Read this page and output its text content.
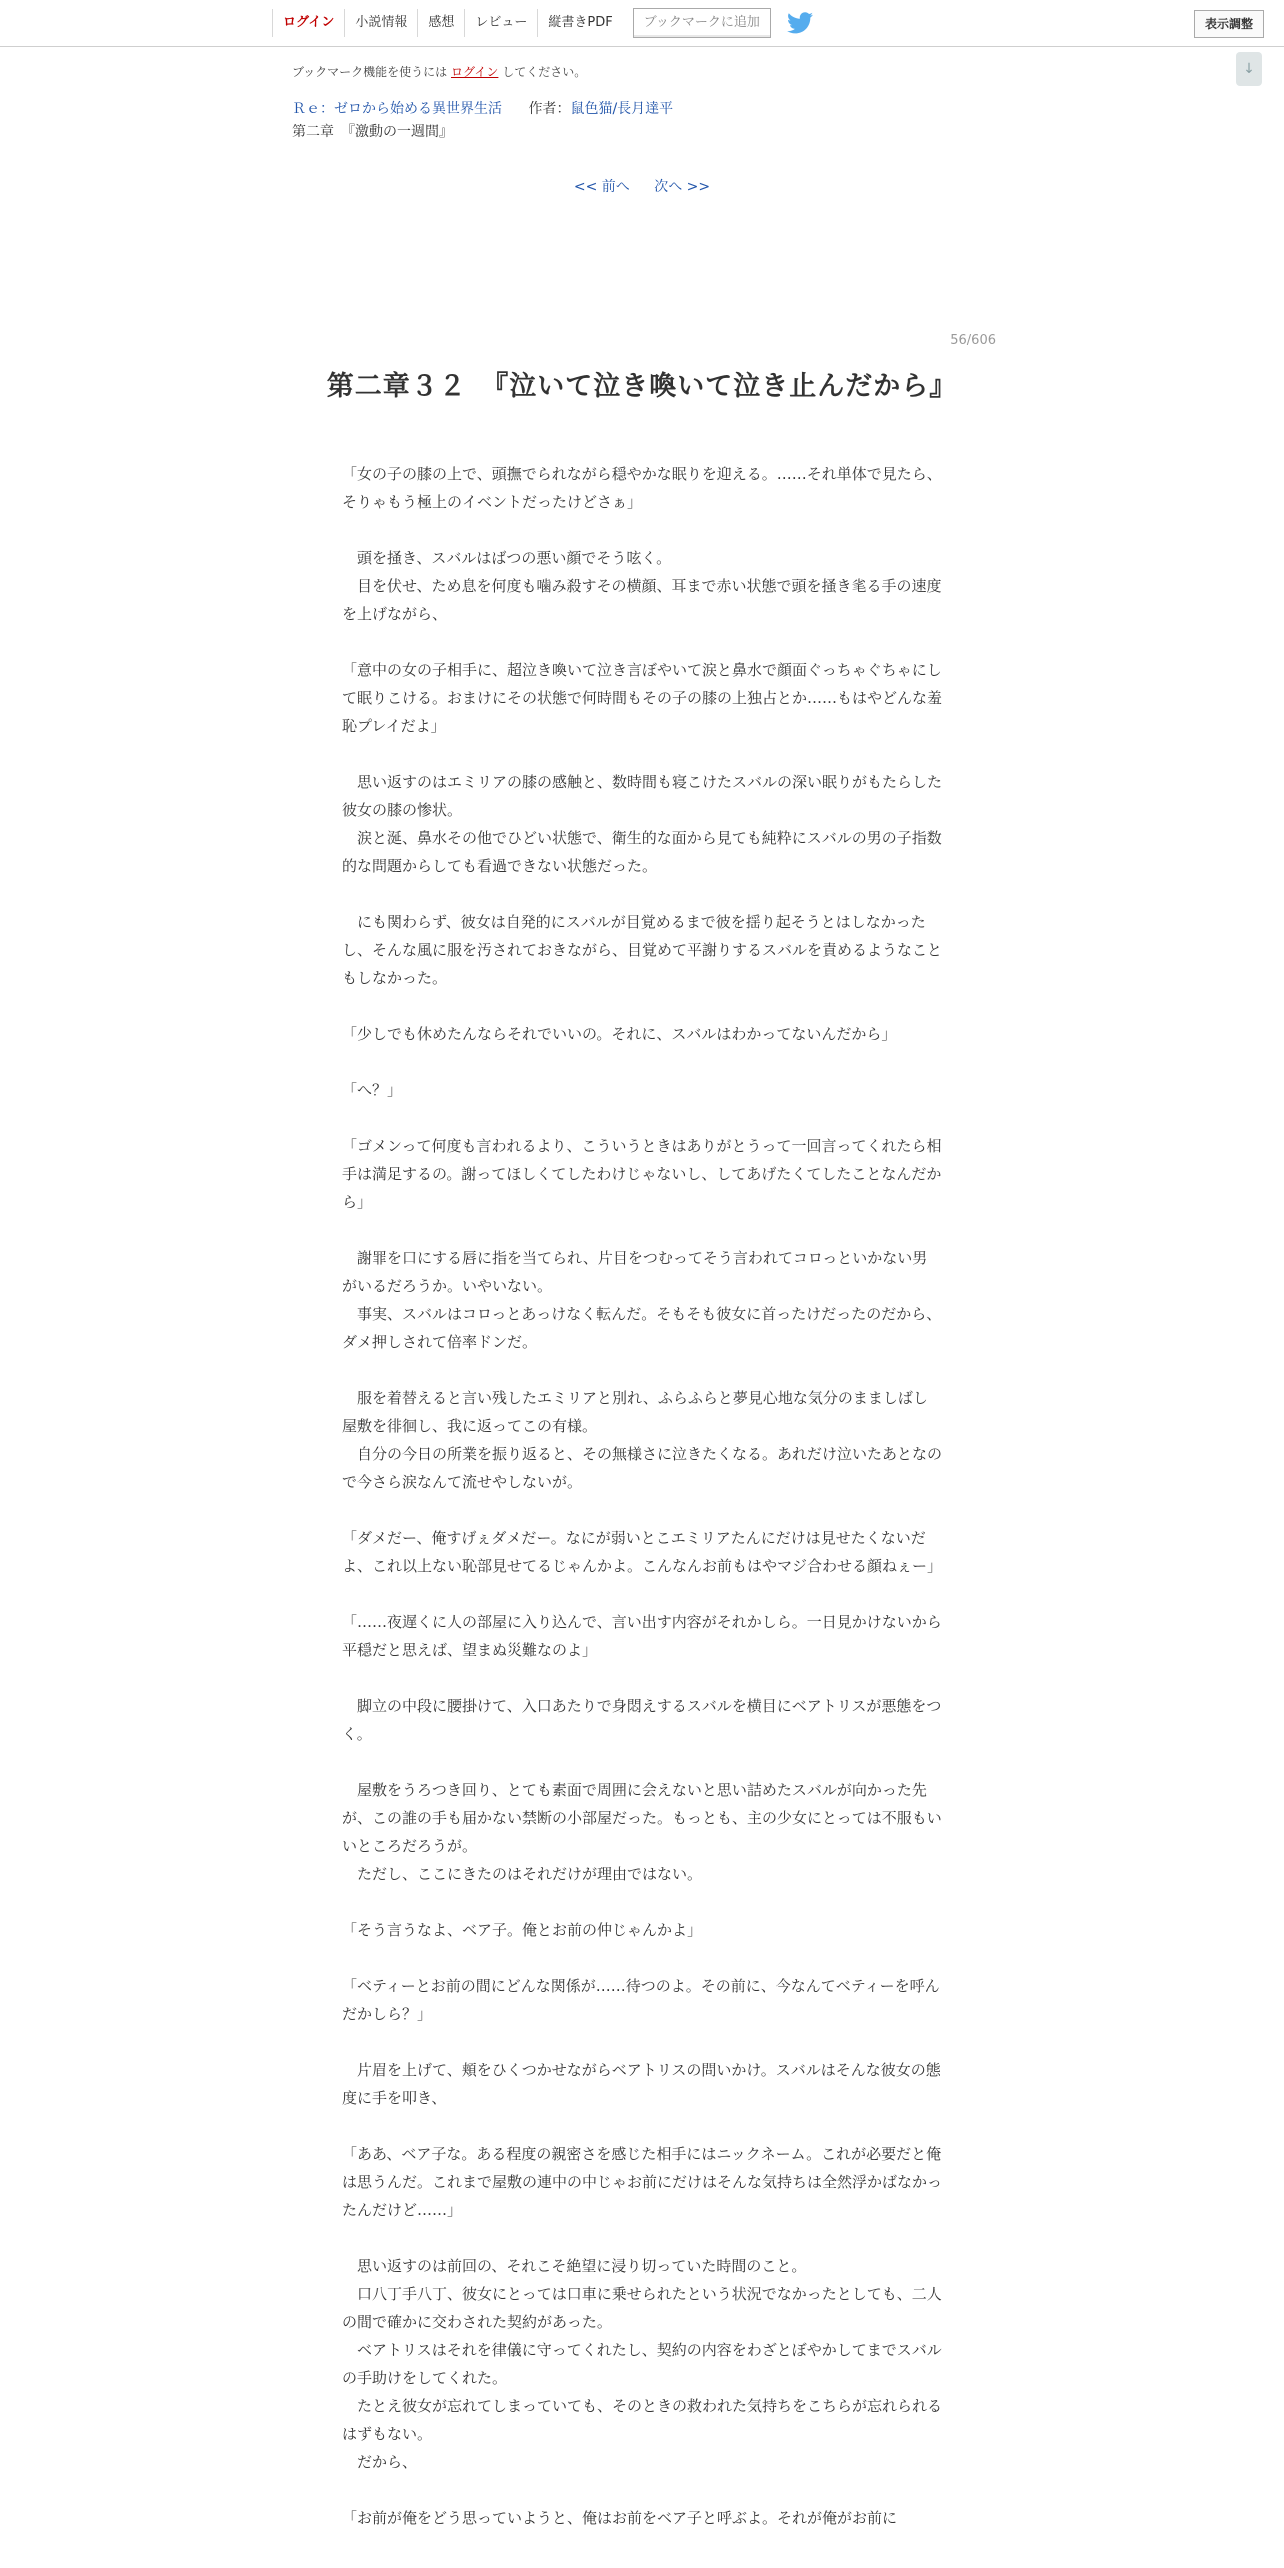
ログイン	小説情報	感想	レビュー	縦書きPDF	ブックマークに追加	表示調整
↓
ブックマーク機能を使うには ログイン してください。
Ｒｅ：ゼロから始める異世界生活 作者：鼠色猫/長月達平
第二章　『激動の一週間』
<< 前へ 次へ >>
56/606
第二章３２　『泣いて泣き喚いて泣き止んだから』

「女の子の膝の上で、頭撫でられながら穏やかな眠りを迎える。……それ単体で見たら、そりゃもう極上のイベントだったけどさぁ」

　頭を掻き、スバルはばつの悪い顔でそう呟く。

　目を伏せ、ため息を何度も噛み殺すその横顔、耳まで赤い状態で頭を掻き毟る手の速度を上げながら、

「意中の女の子相手に、超泣き喚いて泣き言ぼやいて涙と鼻水で顔面ぐっちゃぐちゃにして眠りこける。おまけにその状態で何時間もその子の膝の上独占とか……もはやどんな羞恥プレイだよ」

　思い返すのはエミリアの膝の感触と、数時間も寝こけたスバルの深い眠りがもたらした彼女の膝の惨状。

　涙と涎、鼻水その他でひどい状態で、衛生的な面から見ても純粋にスバルの男の子指数的な問題からしても看過できない状態だった。

　にも関わらず、彼女は自発的にスバルが目覚めるまで彼を揺り起そうとはしなかったし、そんな風に服を汚されておきながら、目覚めて平謝りするスバルを責めるようなこともしなかった。

「少しでも休めたんならそれでいいの。それに、スバルはわかってないんだから」

「へ？」

「ゴメンって何度も言われるより、こういうときはありがとうって一回言ってくれたら相手は満足するの。謝ってほしくてしたわけじゃないし、してあげたくてしたことなんだから」

　謝罪を口にする唇に指を当てられ、片目をつむってそう言われてコロっといかない男がいるだろうか。いやいない。

　事実、スバルはコロっとあっけなく転んだ。そもそも彼女に首ったけだったのだから、ダメ押しされて倍率ドンだ。

　服を着替えると言い残したエミリアと別れ、ふらふらと夢見心地な気分のまましばし屋敷を徘徊し、我に返ってこの有様。

　自分の今日の所業を振り返ると、その無様さに泣きたくなる。あれだけ泣いたあとなので今さら涙なんて流せやしないが。

「ダメだー、俺すげぇダメだー。なにが弱いとこエミリアたんにだけは見せたくないだよ、これ以上ない恥部見せてるじゃんかよ。こんなんお前もはやマジ合わせる顔ねぇー」

「……夜遅くに人の部屋に入り込んで、言い出す内容がそれかしら。一日見かけないから平穏だと思えば、望まぬ災難なのよ」

　脚立の中段に腰掛けて、入口あたりで身悶えするスバルを横目にベアトリスが悪態をつく。

　屋敷をうろつき回り、とても素面で周囲に会えないと思い詰めたスバルが向かった先が、この誰の手も届かない禁断の小部屋だった。もっとも、主の少女にとっては不服もいいところだろうが。

　ただし、ここにきたのはそれだけが理由ではない。

「そう言うなよ、ベア子。俺とお前の仲じゃんかよ」

「ベティーとお前の間にどんな関係が……待つのよ。その前に、今なんてベティーを呼んだかしら？」

　片眉を上げて、頬をひくつかせながらベアトリスの問いかけ。スバルはそんな彼女の態度に手を叩き、

「ああ、ベア子な。ある程度の親密さを感じた相手にはニックネーム。これが必要だと俺は思うんだ。これまで屋敷の連中の中じゃお前にだけはそんな気持ちは全然浮かばなかったんだけど……」

　思い返すのは前回の、それこそ絶望に浸り切っていた時間のこと。

　口八丁手八丁、彼女にとっては口車に乗せられたという状況でなかったとしても、二人の間で確かに交わされた契約があった。

　ベアトリスはそれを律儀に守ってくれたし、契約の内容をわざとぼやかしてまでスバルの手助けをしてくれた。

　たとえ彼女が忘れてしまっていても、そのときの救われた気持ちをこちらが忘れられるはずもない。

　だから、

「お前が俺をどう思っていようと、俺はお前をベア子と呼ぶよ。それが俺がお前に
